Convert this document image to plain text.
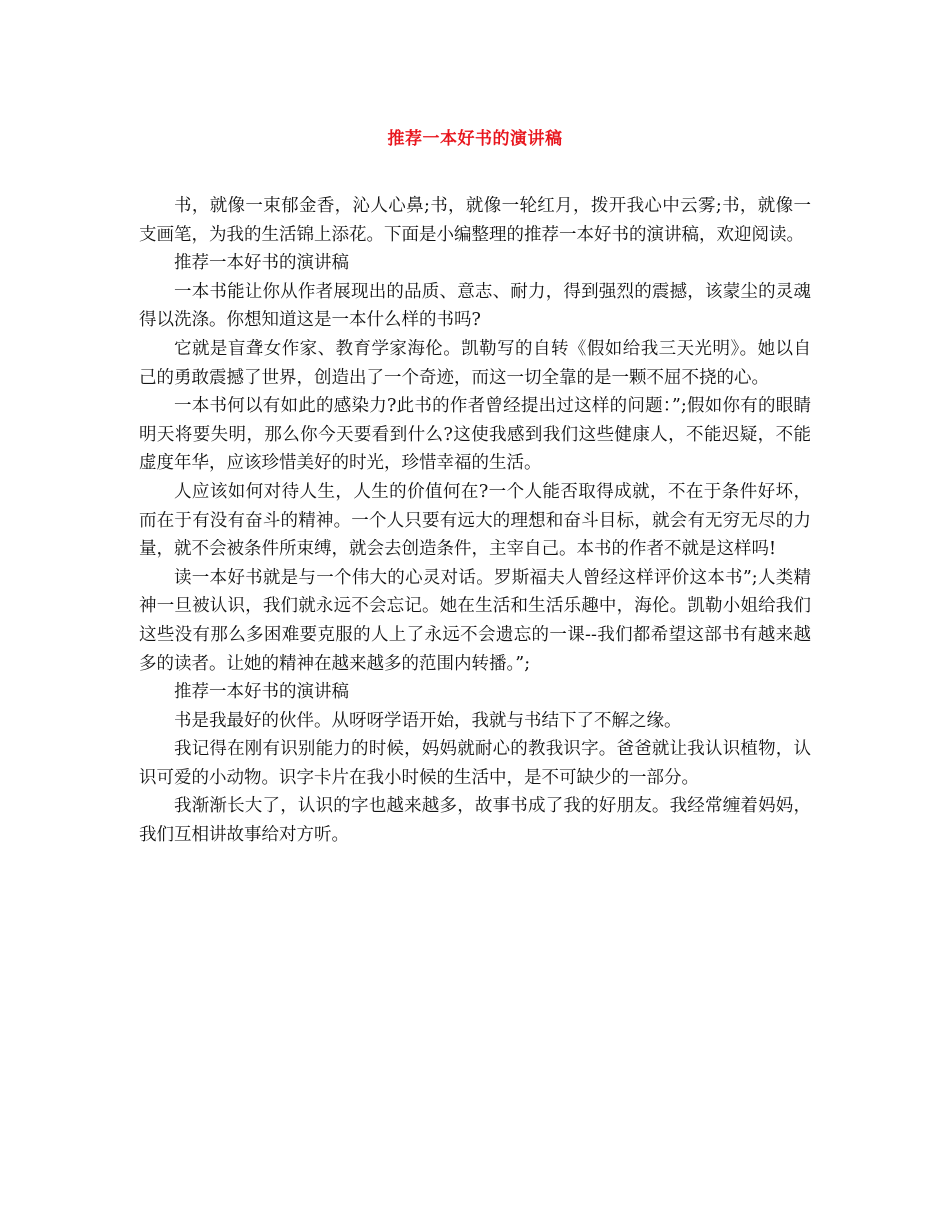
推荐一本好书的演讲稿

书，就像一束郁金香，沁人心鼻;书，就像一轮红月，拨开我心中云雾;书，就像一支画笔，为我的生活锦上添花。下面是小编整理的推荐一本好书的演讲稿，欢迎阅读。

推荐一本好书的演讲稿

一本书能让你从作者展现出的品质、意志、耐力，得到强烈的震撼，该蒙尘的灵魂得以洗涤。你想知道这是一本什么样的书吗?

它就是盲聋女作家、教育学家海伦。凯勒写的自转《假如给我三天光明》。她以自己的勇敢震撼了世界，创造出了一个奇迹，而这一切全靠的是一颗不屈不挠的心。

一本书何以有如此的感染力?此书的作者曾经提出过这样的问题：”;假如你有的眼睛明天将要失明，那么你今天要看到什么?这使我感到我们这些健康人，不能迟疑，不能虚度年华，应该珍惜美好的时光，珍惜幸福的生活。

人应该如何对待人生，人生的价值何在?一个人能否取得成就，不在于条件好坏，而在于有没有奋斗的精神。一个人只要有远大的理想和奋斗目标，就会有无穷无尽的力量，就不会被条件所束缚，就会去创造条件，主宰自己。本书的作者不就是这样吗!

读一本好书就是与一个伟大的心灵对话。罗斯福夫人曾经这样评价这本书”;人类精神一旦被认识，我们就永远不会忘记。她在生活和生活乐趣中，海伦。凯勒小姐给我们这些没有那么多困难要克服的人上了永远不会遗忘的一课--我们都希望这部书有越来越多的读者。让她的精神在越来越多的范围内转播。”;

推荐一本好书的演讲稿

书是我最好的伙伴。从呀呀学语开始，我就与书结下了不解之缘。

我记得在刚有识别能力的时候，妈妈就耐心的教我识字。爸爸就让我认识植物，认识可爱的小动物。识字卡片在我小时候的生活中，是不可缺少的一部分。

我渐渐长大了，认识的字也越来越多，故事书成了我的好朋友。我经常缠着妈妈，我们互相讲故事给对方听。
